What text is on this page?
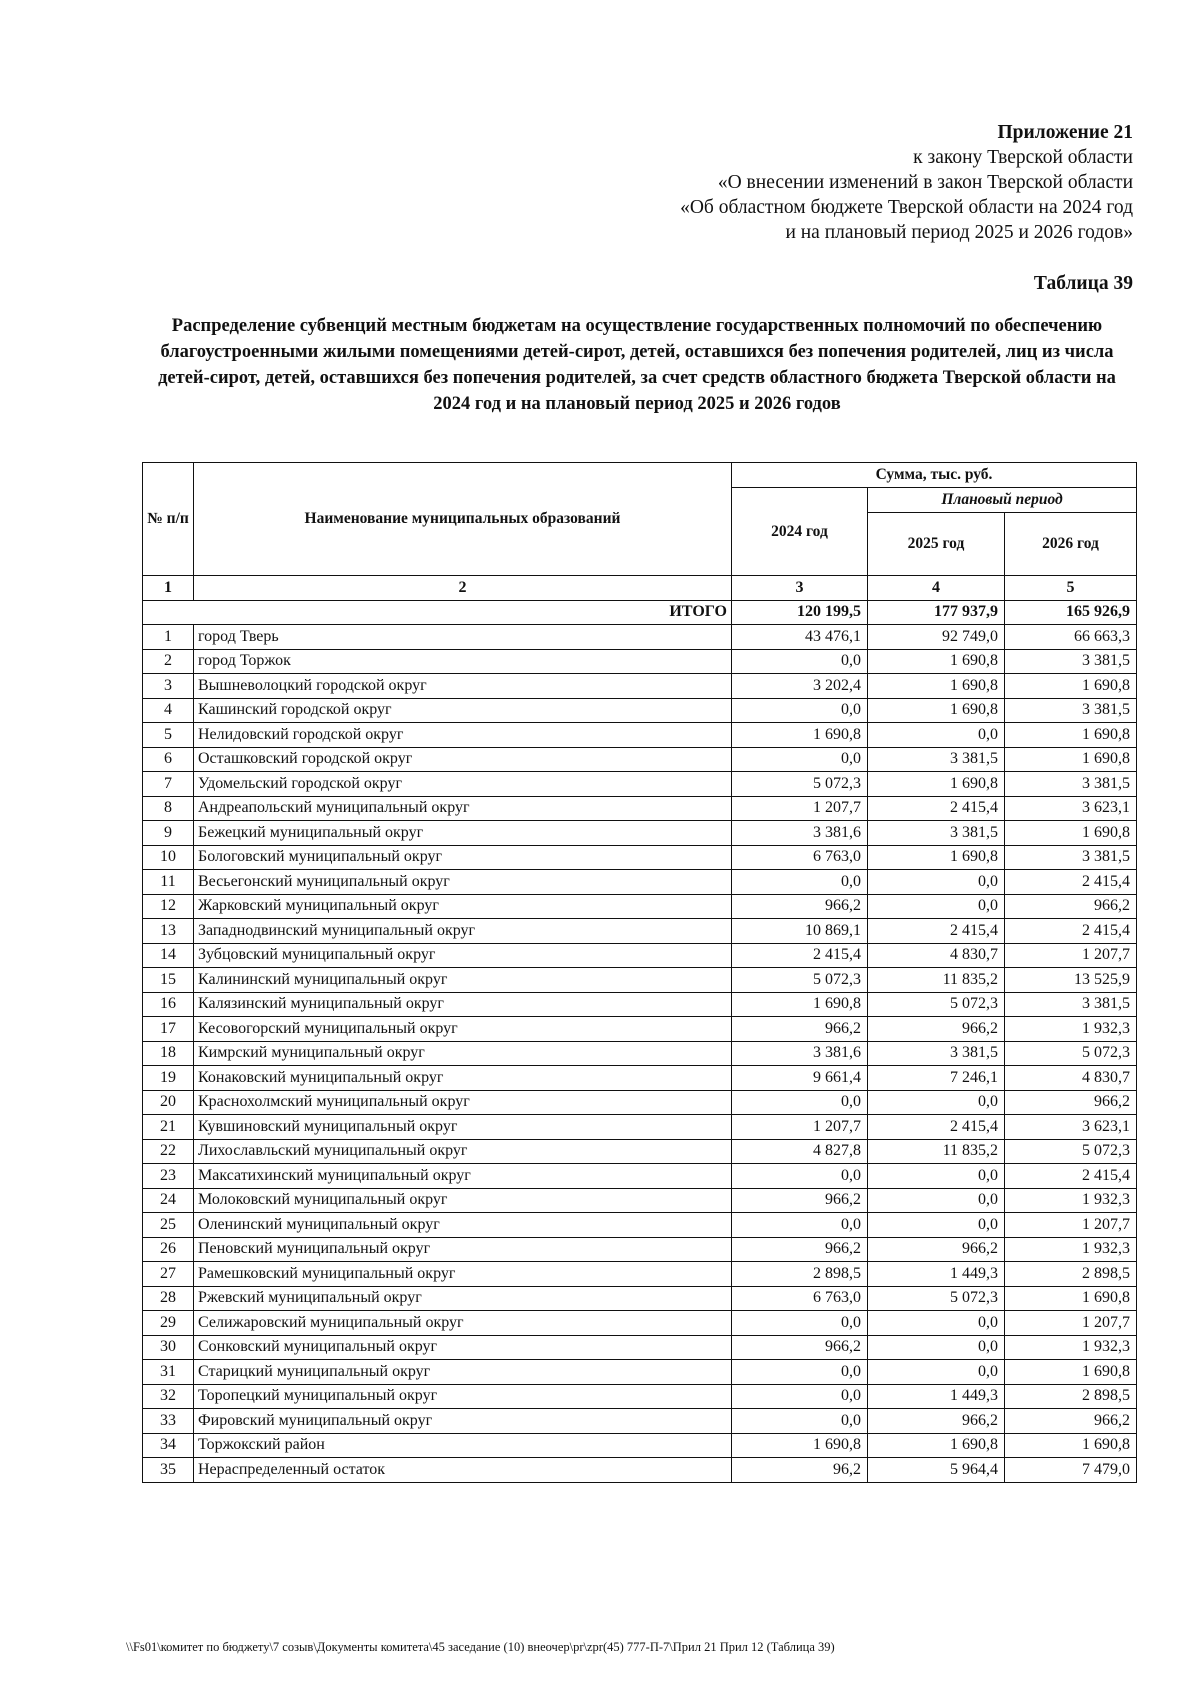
Приложение 21
к закону Тверской области
«О внесении изменений в закон Тверской области
«Об областном бюджете Тверской области на 2024 год
и на плановый период 2025 и 2026 годов»
Таблица 39
Распределение субвенций местным бюджетам на осуществление государственных полномочий по обеспечению благоустроенными жилыми помещениями детей-сирот, детей, оставшихся без попечения родителей, лиц из числа детей-сирот, детей, оставшихся без попечения родителей, за счет средств областного бюджета Тверской области на 2024 год и на плановый период 2025 и 2026 годов
№ п/п	Наименование муниципальных образований	Сумма, тыс. руб.		
		2024 год	Плановый период	
			2025 год	2026 год
1	2	3	4	5
ИТОГО		120 199,5	177 937,9	165 926,9
1	город Тверь	43 476,1	92 749,0	66 663,3
2	город Торжок	0,0	1 690,8	3 381,5
3	Вышневолоцкий городской округ	3 202,4	1 690,8	1 690,8
4	Кашинский городской округ	0,0	1 690,8	3 381,5
5	Нелидовский городской округ	1 690,8	0,0	1 690,8
6	Осташковский городской округ	0,0	3 381,5	1 690,8
7	Удомельский городской округ	5 072,3	1 690,8	3 381,5
8	Андреапольский муниципальный округ	1 207,7	2 415,4	3 623,1
9	Бежецкий муниципальный округ	3 381,6	3 381,5	1 690,8
10	Бологовский муниципальный округ	6 763,0	1 690,8	3 381,5
11	Весьегонский муниципальный округ	0,0	0,0	2 415,4
12	Жарковский муниципальный округ	966,2	0,0	966,2
13	Западнодвинский муниципальный округ	10 869,1	2 415,4	2 415,4
14	Зубцовский муниципальный округ	2 415,4	4 830,7	1 207,7
15	Калининский муниципальный округ	5 072,3	11 835,2	13 525,9
16	Калязинский муниципальный округ	1 690,8	5 072,3	3 381,5
17	Кесовогорский муниципальный округ	966,2	966,2	1 932,3
18	Кимрский муниципальный округ	3 381,6	3 381,5	5 072,3
19	Конаковский муниципальный округ	9 661,4	7 246,1	4 830,7
20	Краснохолмский муниципальный округ	0,0	0,0	966,2
21	Кувшиновский муниципальный округ	1 207,7	2 415,4	3 623,1
22	Лихославльский муниципальный округ	4 827,8	11 835,2	5 072,3
23	Максатихинский муниципальный округ	0,0	0,0	2 415,4
24	Молоковский муниципальный округ	966,2	0,0	1 932,3
25	Оленинский муниципальный округ	0,0	0,0	1 207,7
26	Пеновский муниципальный округ	966,2	966,2	1 932,3
27	Рамешковский муниципальный округ	2 898,5	1 449,3	2 898,5
28	Ржевский муниципальный округ	6 763,0	5 072,3	1 690,8
29	Селижаровский муниципальный округ	0,0	0,0	1 207,7
30	Сонковский муниципальный округ	966,2	0,0	1 932,3
31	Старицкий муниципальный округ	0,0	0,0	1 690,8
32	Торопецкий муниципальный округ	0,0	1 449,3	2 898,5
33	Фировский муниципальный округ	0,0	966,2	966,2
34	Торжокский район	1 690,8	1 690,8	1 690,8
35	Нераспределенный остаток	96,2	5 964,4	7 479,0
\\Fs01\комитет по бюджету\7 созыв\Документы комитета\45 заседание (10) внеочер\pr\zpr(45) 777-П-7\Прил 21 Прил 12 (Таблица 39)
